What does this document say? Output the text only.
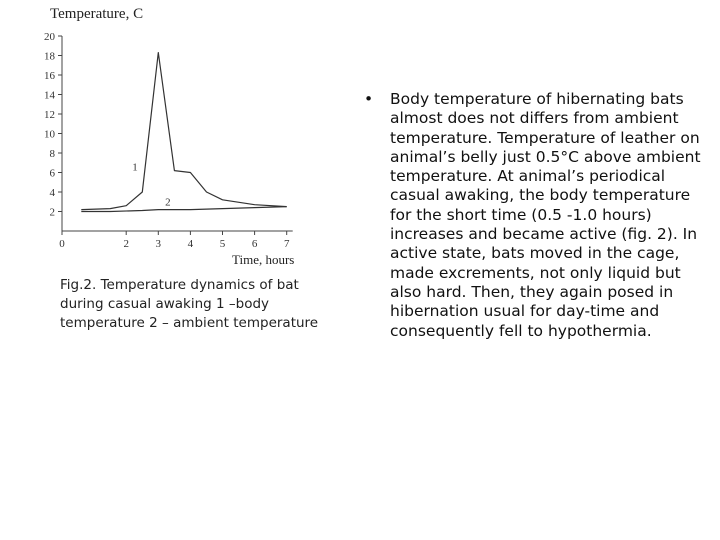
Temperature, C
2
4
6
8
10
12
14
16
18
20
0	2 3 4 5 6 7
1
2
Time, hours
Fig.2. Temperature dynamics of bat during casual awaking 1 –body temperature 2 – ambient temperature
• Body temperature of hibernating bats almost does not differs from ambient temperature. Temperature of leather on animal’s belly just 0.5°C above ambient temperature. At animal’s periodical casual awaking, the body temperature for the short time (0.5 -1.0 hours) increases and became active (fig. 2). In active state, bats moved in the cage, made excrements, not only liquid but also hard. Then, they again posed in hibernation usual for day-time and consequently fell to hypothermia.
